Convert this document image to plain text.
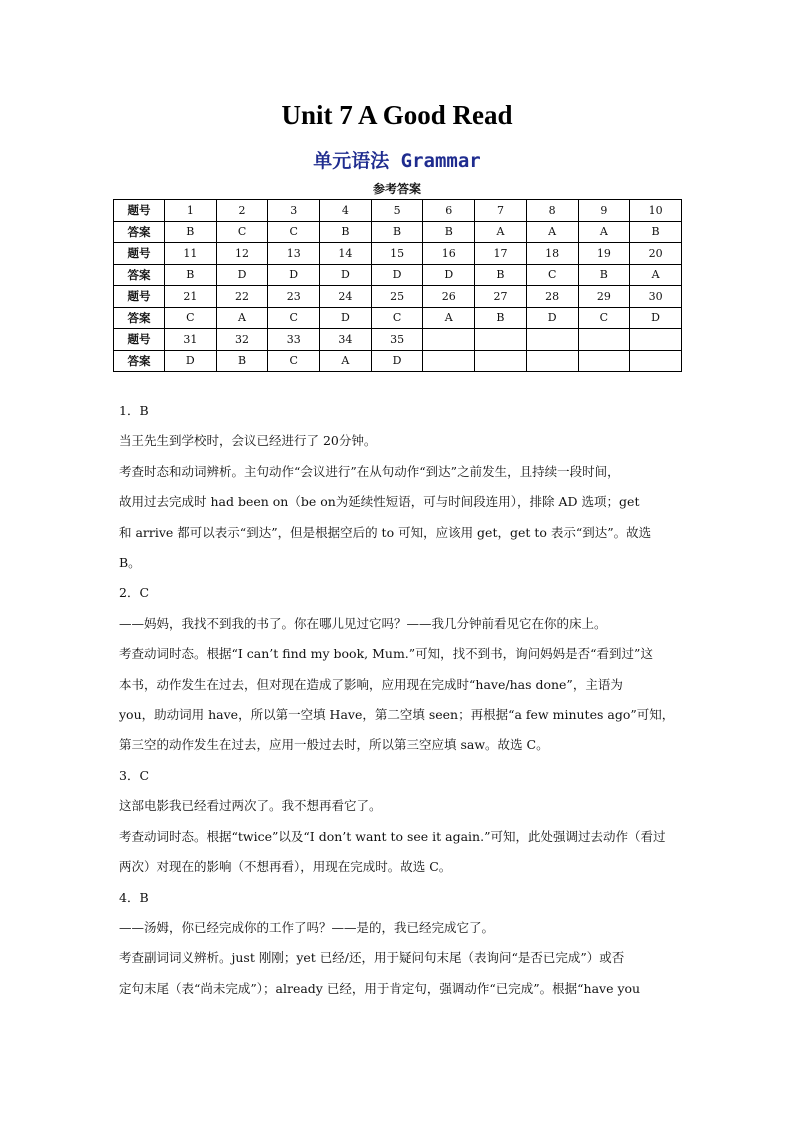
Unit 7 A Good Read
单元语法 Grammar
参考答案
题号	1	2	3	4	5	6	7	8	9	10
答案	B	C	C	B	B	B	A	A	A	B
题号	11	12	13	14	15	16	17	18	19	20
答案	B	D	D	D	D	D	B	C	B	A
题号	21	22	23	24	25	26	27	28	29	30
答案	C	A	C	D	C	A	B	D	C	D
题号	31	32	33	34	35					
答案	D	B	C	A	D					

1．B

当王先生到学校时，会议已经进行了 20分钟。

考查时态和动词辨析。主句动作“会议进行”在从句动作“到达”之前发生，且持续一段时间，

故用过去完成时 had been on（be on为延续性短语，可与时间段连用），排除 AD 选项；get

和 arrive 都可以表示“到达”，但是根据空后的 to 可知，应该用 get，get to 表示“到达”。故选

B。

2．C

——妈妈，我找不到我的书了。你在哪儿见过它吗？——我几分钟前看见它在你的床上。

考查动词时态。根据“I can’t find my book, Mum.”可知，找不到书，询问妈妈是否“看到过”这

本书，动作发生在过去，但对现在造成了影响，应用现在完成时“have/has done”，主语为

you，助动词用 have，所以第一空填 Have，第二空填 seen；再根据“a few minutes ago”可知，

第三空的动作发生在过去，应用一般过去时，所以第三空应填 saw。故选 C。

3．C

这部电影我已经看过两次了。我不想再看它了。

考查动词时态。根据“twice”以及“I don’t want to see it again.”可知，此处强调过去动作（看过

两次）对现在的影响（不想再看），用现在完成时。故选 C。

4．B

——汤姆，你已经完成你的工作了吗？——是的，我已经完成它了。

考查副词词义辨析。just 刚刚；yet 已经/还，用于疑问句末尾（表询问“是否已完成”）或否

定句末尾（表“尚未完成”）；already 已经，用于肯定句，强调动作“已完成”。根据“have you
